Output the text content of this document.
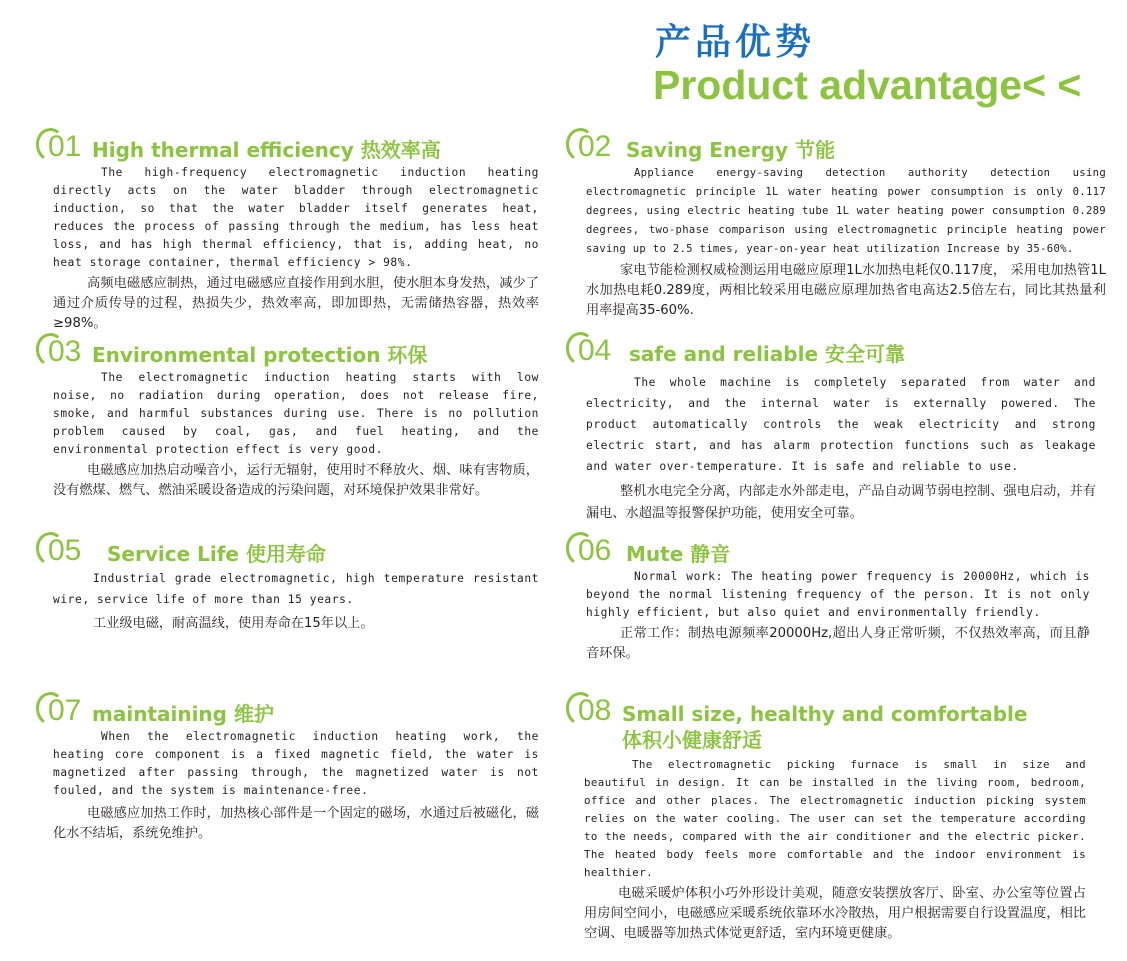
产品优势
Product advantage< <
01 High thermal efficiency 热效率高

The high-frequency electromagnetic induction heating directly acts on the water bladder through electromagnetic induction, so that the water bladder itself generates heat, reduces the process of passing through the medium, has less heat loss, and has high thermal efficiency, that is, adding heat, no heat storage container, thermal efficiency > 98%.

高频电磁感应制热，通过电磁感应直接作用到水胆，使水胆本身发热，减少了通过介质传导的过程，热损失少，热效率高，即加即热，无需储热容器，热效率≥98%。

02 Saving Energy 节能

Appliance energy-saving detection authority detection using electromagnetic principle 1L water heating power consumption is only 0.117 degrees, using electric heating tube 1L water heating power consumption 0.289 degrees, two-phase comparison using electromagnetic principle heating power saving up to 2.5 times, year-on-year heat utilization Increase by 35-60%.

家电节能检测权威检测运用电磁应原理1L水加热电耗仅0.117度， 采用电加热管1L水加热电耗0.289度，两相比较采用电磁应原理加热省电高达2.5倍左右，同比其热量利用率提高35-60%.

03 Environmental protection 环保

The electromagnetic induction heating starts with low noise, no radiation during operation, does not release fire, smoke, and harmful substances during use. There is no pollution problem caused by coal, gas, and fuel heating, and the environmental protection effect is very good.

电磁感应加热启动噪音小，运行无辐射，使用时不释放火、烟、味有害物质，没有燃煤、燃气、燃油采暖设备造成的污染问题，对环境保护效果非常好。

04 safe and reliable 安全可靠

The whole machine is completely separated from water and electricity, and the internal water is externally powered. The product automatically controls the weak electricity and strong electric start, and has alarm protection functions such as leakage and water over-temperature. It is safe and reliable to use.

整机水电完全分离，内部走水外部走电，产品自动调节弱电控制、强电启动，并有漏电、水超温等报警保护功能，使用安全可靠。

05 Service Life 使用寿命

Industrial grade electromagnetic, high temperature resistant wire, service life of more than 15 years.

工业级电磁，耐高温线，使用寿命在15年以上。

06 Mute 静音

Normal work: The heating power frequency is 20000Hz, which is beyond the normal listening frequency of the person. It is not only highly efficient, but also quiet and environmentally friendly.

正常工作：制热电源频率20000Hz,超出人身正常听频，不仅热效率高，而且静音环保。

07 maintaining 维护

When the electromagnetic induction heating work, the heating core component is a fixed magnetic field, the water is magnetized after passing through, the magnetized water is not fouled, and the system is maintenance-free.

电磁感应加热工作时，加热核心部件是一个固定的磁场，水通过后被磁化，磁化水不结垢，系统免维护。

08 Small size, healthy and comfortable
体积小健康舒适

The electromagnetic picking furnace is small in size and beautiful in design. It can be installed in the living room, bedroom, office and other places. The electromagnetic induction picking system relies on the water cooling. The user can set the temperature according to the needs, compared with the air conditioner and the electric picker. The heated body feels more comfortable and the indoor environment is healthier.

电磁采暖炉体积小巧外形设计美观，随意安装摆放客厅、卧室、办公室等位置占用房间空间小，电磁感应采暖系统依靠环水冷散热，用户根据需要自行设置温度，相比空调、电暖器等加热式体觉更舒适，室内环境更健康。
